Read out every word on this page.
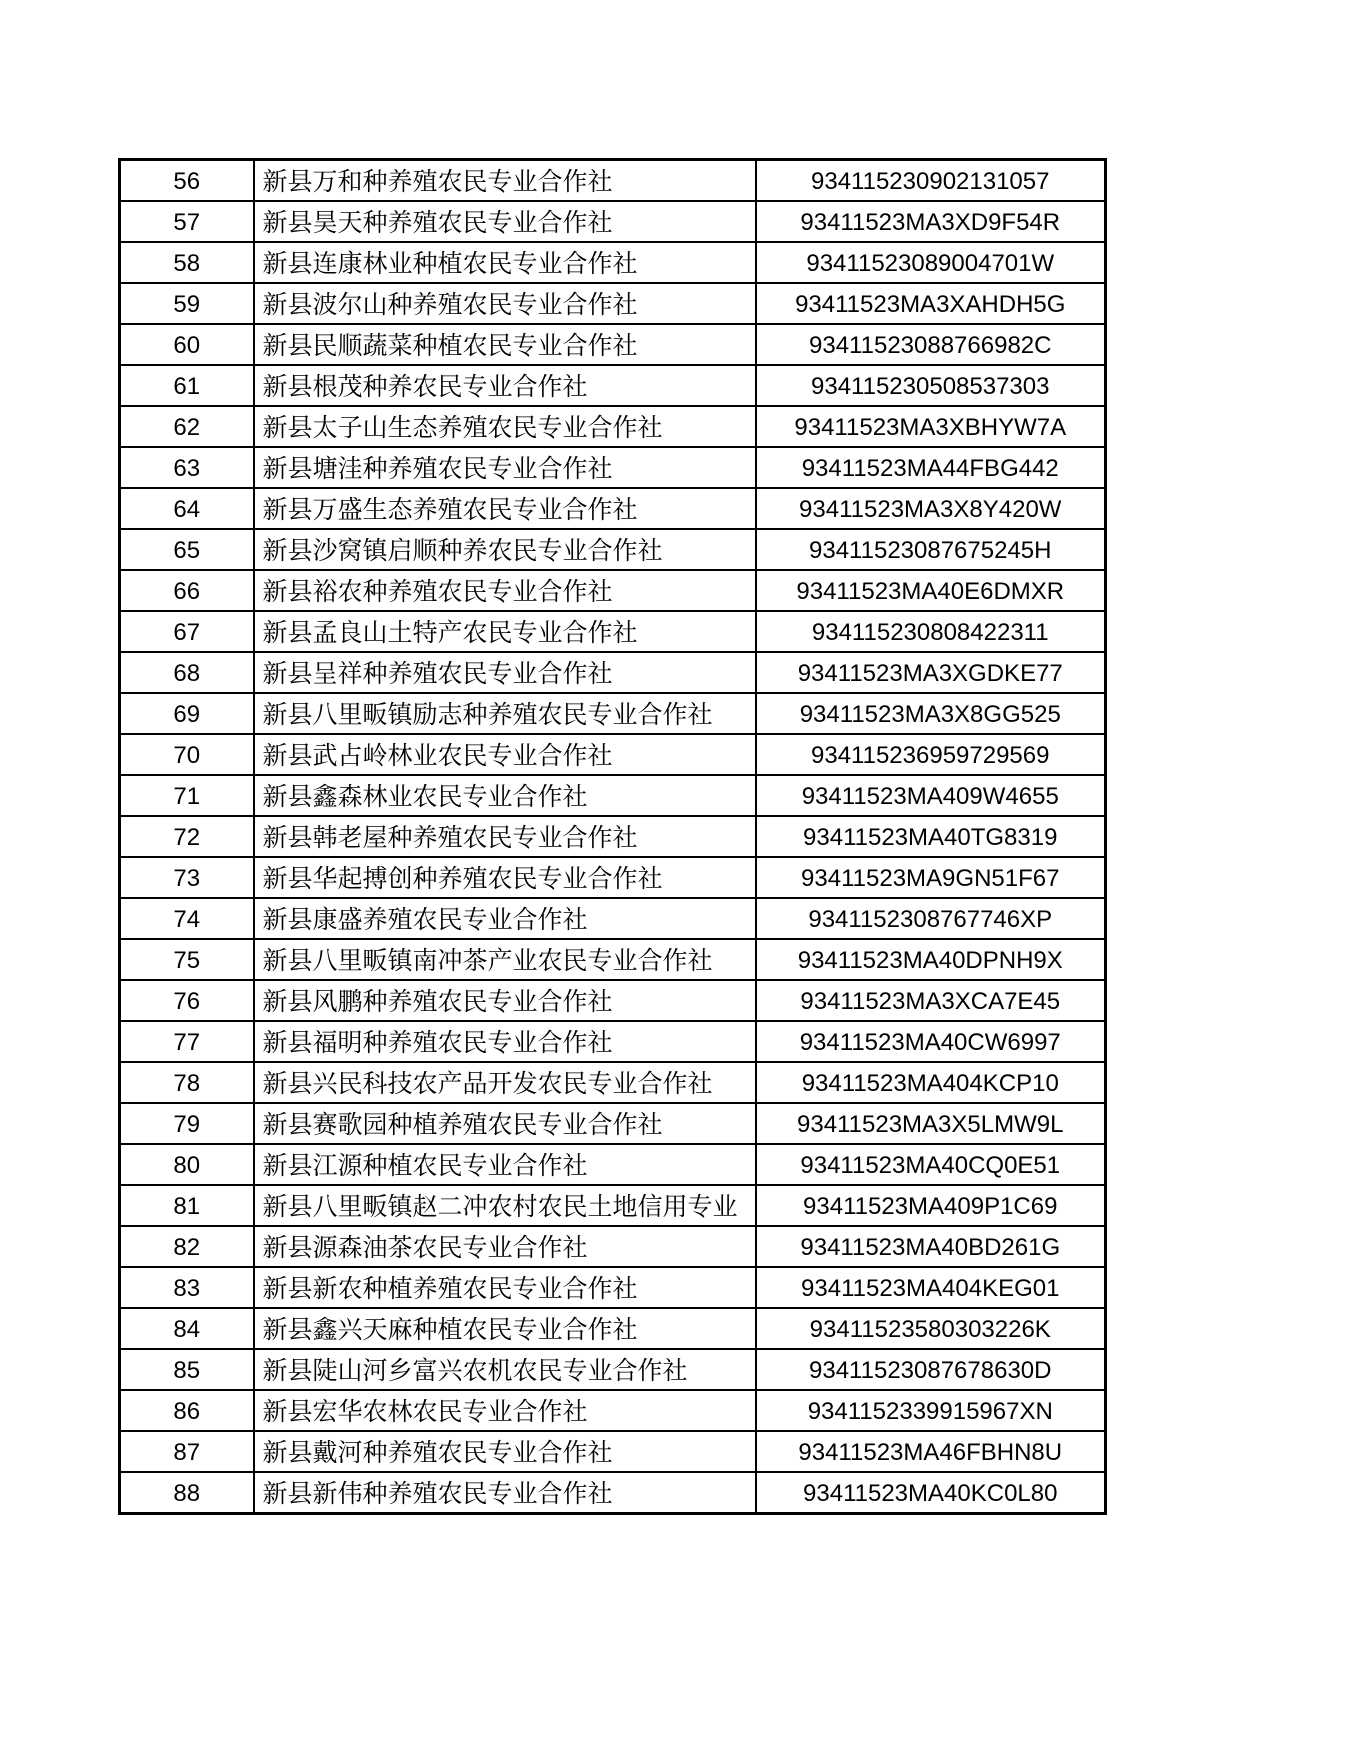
56	新县万和种养殖农民专业合作社	934115230902131057
57	新县昊天种养殖农民专业合作社	93411523MA3XD9F54R
58	新县连康林业种植农民专业合作社	93411523089004701W
59	新县波尔山种养殖农民专业合作社	93411523MA3XAHDH5G
60	新县民顺蔬菜种植农民专业合作社	93411523088766982C
61	新县根茂种养农民专业合作社	934115230508537303
62	新县太子山生态养殖农民专业合作社	93411523MA3XBHYW7A
63	新县塘洼种养殖农民专业合作社	93411523MA44FBG442
64	新县万盛生态养殖农民专业合作社	93411523MA3X8Y420W
65	新县沙窝镇启顺种养农民专业合作社	93411523087675245H
66	新县裕农种养殖农民专业合作社	93411523MA40E6DMXR
67	新县孟良山土特产农民专业合作社	934115230808422311
68	新县呈祥种养殖农民专业合作社	93411523MA3XGDKE77
69	新县八里畈镇励志种养殖农民专业合作社	93411523MA3X8GG525
70	新县武占岭林业农民专业合作社	934115236959729569
71	新县鑫森林业农民专业合作社	93411523MA409W4655
72	新县韩老屋种养殖农民专业合作社	93411523MA40TG8319
73	新县华起搏创种养殖农民专业合作社	93411523MA9GN51F67
74	新县康盛养殖农民专业合作社	9341152308767746XP
75	新县八里畈镇南冲茶产业农民专业合作社	93411523MA40DPNH9X
76	新县风鹏种养殖农民专业合作社	93411523MA3XCA7E45
77	新县福明种养殖农民专业合作社	93411523MA40CW6997
78	新县兴民科技农产品开发农民专业合作社	93411523MA404KCP10
79	新县赛歌园种植养殖农民专业合作社	93411523MA3X5LMW9L
80	新县江源种植农民专业合作社	93411523MA40CQ0E51
81	新县八里畈镇赵二冲农村农民土地信用专业	93411523MA409P1C69
82	新县源森油茶农民专业合作社	93411523MA40BD261G
83	新县新农种植养殖农民专业合作社	93411523MA404KEG01
84	新县鑫兴天麻种植农民专业合作社	93411523580303226K
85	新县陡山河乡富兴农机农民专业合作社	93411523087678630D
86	新县宏华农林农民专业合作社	9341152339915967XN
87	新县戴河种养殖农民专业合作社	93411523MA46FBHN8U
88	新县新伟种养殖农民专业合作社	93411523MA40KC0L80
